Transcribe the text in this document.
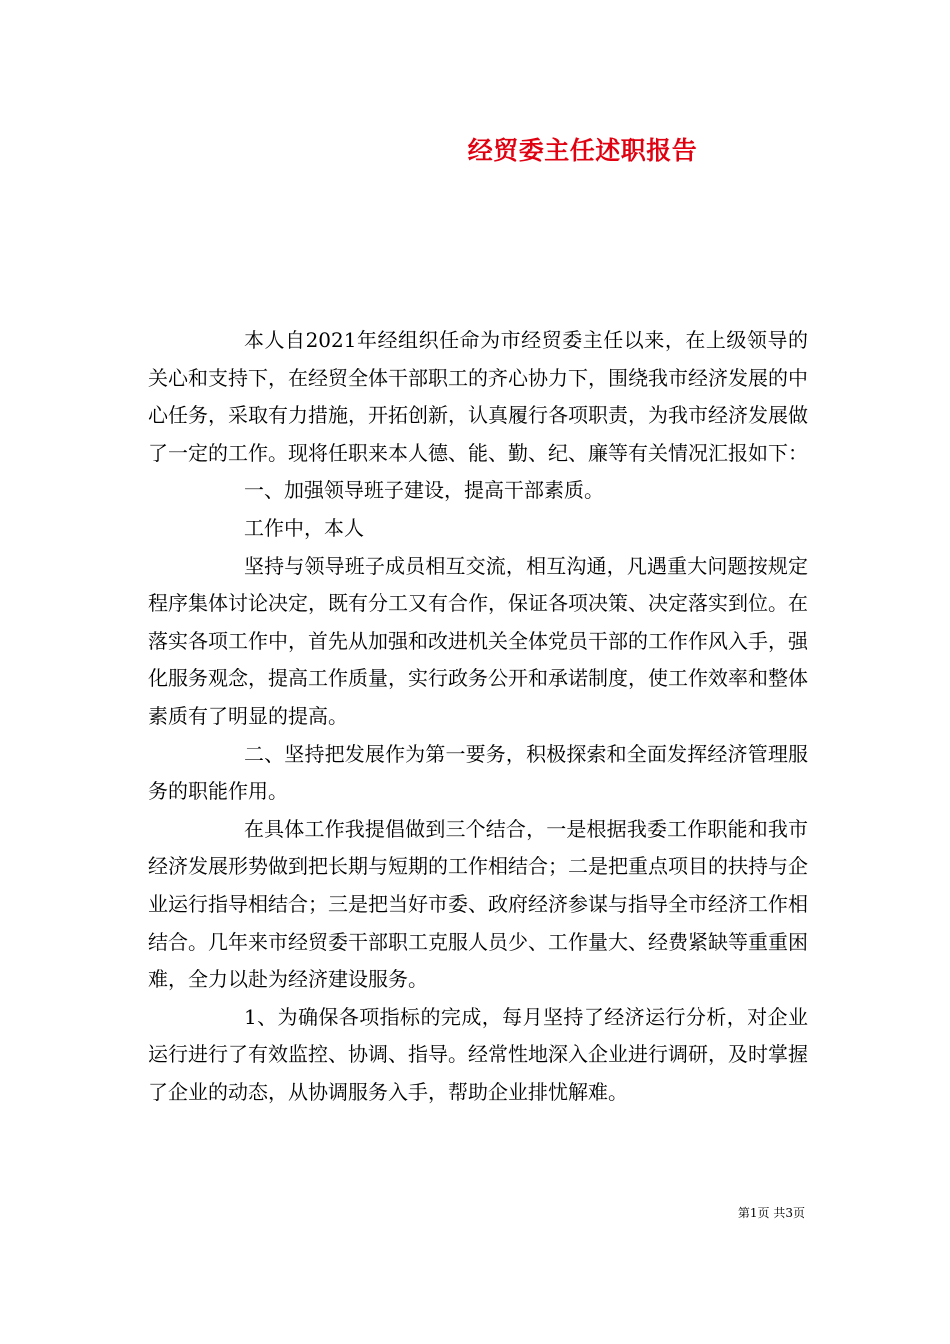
经贸委主任述职报告

本人自2021年经组织任命为市经贸委主任以来，在上级领导的关心和支持下，在经贸全体干部职工的齐心协力下，围绕我市经济发展的中心任务，采取有力措施，开拓创新，认真履行各项职责，为我市经济发展做了一定的工作。现将任职来本人德、能、勤、纪、廉等有关情况汇报如下：

一、加强领导班子建设，提高干部素质。

工作中，本人

坚持与领导班子成员相互交流，相互沟通，凡遇重大问题按规定程序集体讨论决定，既有分工又有合作，保证各项决策、决定落实到位。在落实各项工作中，首先从加强和改进机关全体党员干部的工作作风入手，强化服务观念，提高工作质量，实行政务公开和承诺制度，使工作效率和整体素质有了明显的提高。

二、坚持把发展作为第一要务，积极探索和全面发挥经济管理服务的职能作用。

在具体工作我提倡做到三个结合，一是根据我委工作职能和我市经济发展形势做到把长期与短期的工作相结合；二是把重点项目的扶持与企业运行指导相结合；三是把当好市委、政府经济参谋与指导全市经济工作相结合。几年来市经贸委干部职工克服人员少、工作量大、经费紧缺等重重困难，全力以赴为经济建设服务。

1、为确保各项指标的完成，每月坚持了经济运行分析，对企业运行进行了有效监控、协调、指导。经常性地深入企业进行调研，及时掌握了企业的动态，从协调服务入手，帮助企业排忧解难。

第1页 共3页
